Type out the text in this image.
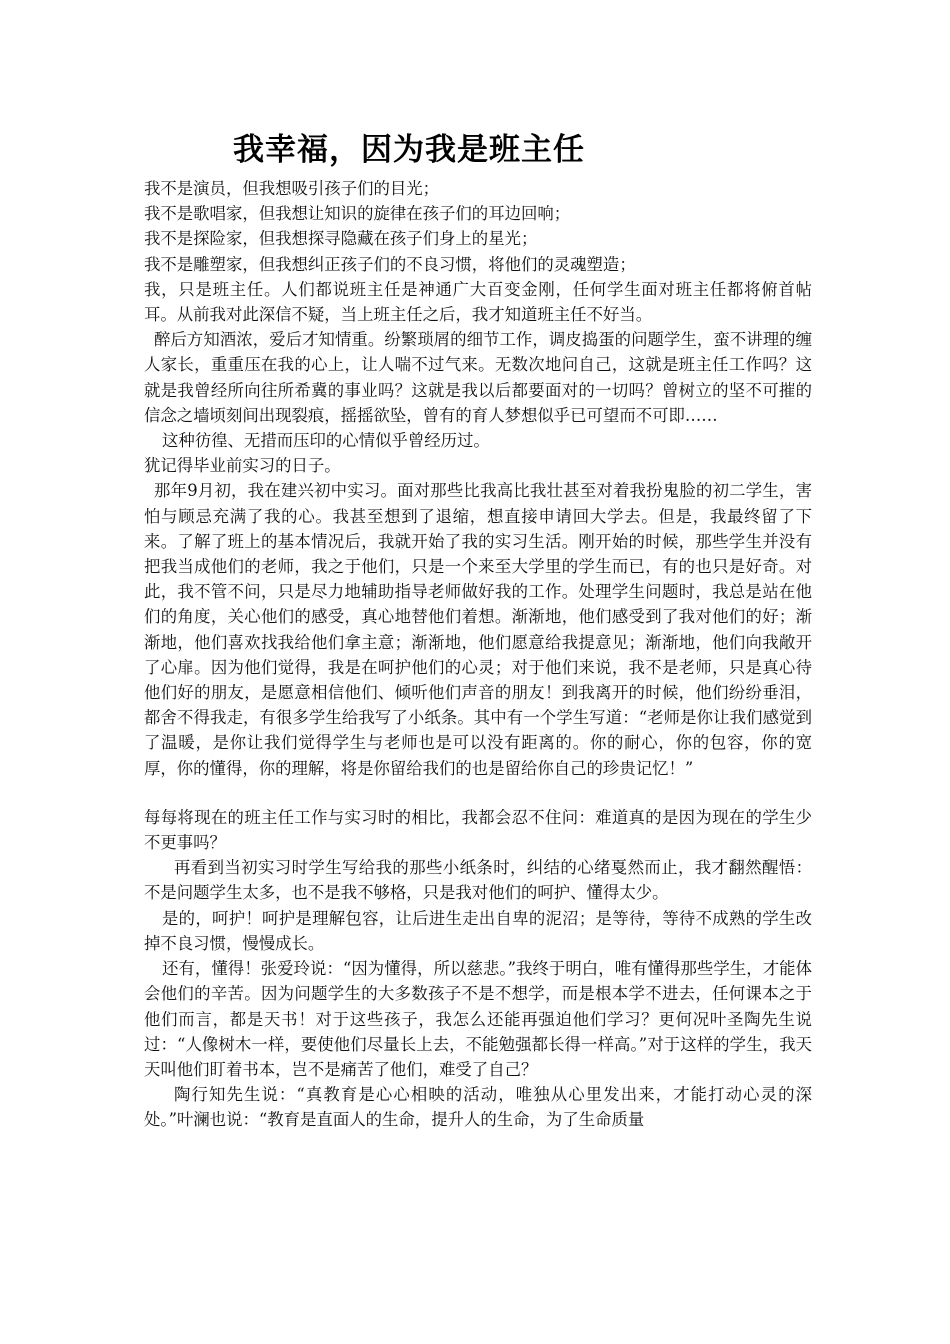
我幸福，因为我是班主任

我不是演员，但我想吸引孩子们的目光；

我不是歌唱家，但我想让知识的旋律在孩子们的耳边回响；

我不是探险家，但我想探寻隐藏在孩子们身上的星光；

我不是雕塑家，但我想纠正孩子们的不良习惯，将他们的灵魂塑造；

我，只是班主任。人们都说班主任是神通广大百变金刚，任何学生面对班主任都将俯首帖耳。从前我对此深信不疑，当上班主任之后，我才知道班主任不好当。

醉后方知酒浓，爱后才知情重。纷繁琐屑的细节工作，调皮捣蛋的问题学生，蛮不讲理的缠人家长，重重压在我的心上，让人喘不过气来。无数次地问自己，这就是班主任工作吗？这就是我曾经所向往所希冀的事业吗？这就是我以后都要面对的一切吗？曾树立的坚不可摧的信念之墙顷刻间出现裂痕，摇摇欲坠，曾有的育人梦想似乎已可望而不可即……

这种彷徨、无措而压印的心情似乎曾经历过。

犹记得毕业前实习的日子。

那年9月初，我在建兴初中实习。面对那些比我高比我壮甚至对着我扮鬼脸的初二学生，害怕与顾忌充满了我的心。我甚至想到了退缩，想直接申请回大学去。但是，我最终留了下来。了解了班上的基本情况后，我就开始了我的实习生活。刚开始的时候，那些学生并没有把我当成他们的老师，我之于他们，只是一个来至大学里的学生而已，有的也只是好奇。对此，我不管不问，只是尽力地辅助指导老师做好我的工作。处理学生问题时，我总是站在他们的角度，关心他们的感受，真心地替他们着想。渐渐地，他们感受到了我对他们的好；渐渐地，他们喜欢找我给他们拿主意；渐渐地，他们愿意给我提意见；渐渐地，他们向我敞开了心扉。因为他们觉得，我是在呵护他们的心灵；对于他们来说，我不是老师，只是真心待他们好的朋友，是愿意相信他们、倾听他们声音的朋友！到我离开的时候，他们纷纷垂泪，都舍不得我走，有很多学生给我写了小纸条。其中有一个学生写道：“老师是你让我们感觉到了温暖，是你让我们觉得学生与老师也是可以没有距离的。你的耐心，你的包容，你的宽厚，你的懂得，你的理解，将是你留给我们的也是留给你自己的珍贵记忆！”

每每将现在的班主任工作与实习时的相比，我都会忍不住问：难道真的是因为现在的学生少不更事吗？

再看到当初实习时学生写给我的那些小纸条时，纠结的心绪戛然而止，我才翻然醒悟：不是问题学生太多，也不是我不够格，只是我对他们的呵护、懂得太少。

是的，呵护！呵护是理解包容，让后进生走出自卑的泥沼；是等待，等待不成熟的学生改掉不良习惯，慢慢成长。

还有，懂得！张爱玲说：“因为懂得，所以慈悲。”我终于明白，唯有懂得那些学生，才能体会他们的辛苦。因为问题学生的大多数孩子不是不想学，而是根本学不进去，任何课本之于他们而言，都是天书！对于这些孩子，我怎么还能再强迫他们学习？更何况叶圣陶先生说过：“人像树木一样，要使他们尽量长上去，不能勉强都长得一样高。”对于这样的学生，我天天叫他们盯着书本，岂不是痛苦了他们，难受了自己？

陶行知先生说：“真教育是心心相映的活动，唯独从心里发出来，才能打动心灵的深处。”叶澜也说：“教育是直面人的生命，提升人的生命，为了生命质量
